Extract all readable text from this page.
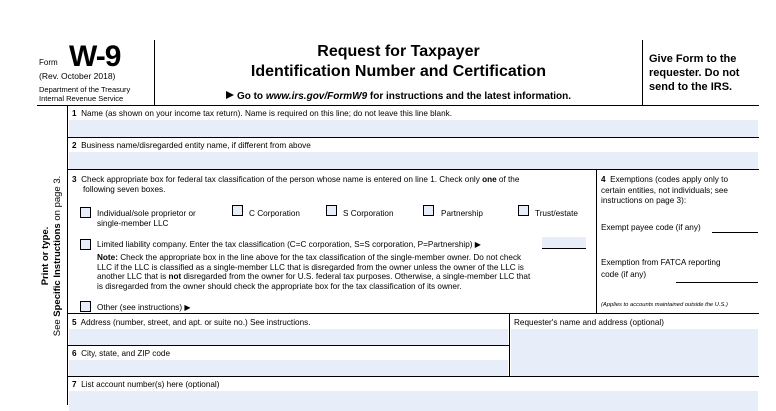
Form W-9
(Rev. October 2018)
Department of the Treasury
Internal Revenue Service
Request for Taxpayer
Identification Number and Certification
Go to www.irs.gov/FormW9 for instructions and the latest information.
Give Form to the
requester. Do not
send to the IRS.
Print or type.
See Specific Instructions on page 3.
1 Name (as shown on your income tax return). Name is required on this line; do not leave this line blank.
2 Business name/disregarded entity name, if different from above
3 Check appropriate box for federal tax classification of the person whose name is entered on line 1. Check only one of the
following seven boxes.
Individual/sole proprietor or
single-member LLC
C Corporation	S Corporation	Partnership	Trust/estate
Limited liability company. Enter the tax classification (C=C corporation, S=S corporation, P=Partnership) ▶
Note: Check the appropriate box in the line above for the tax classification of the single-member owner. Do not check
LLC if the LLC is classified as a single-member LLC that is disregarded from the owner unless the owner of the LLC is
another LLC that is not disregarded from the owner for U.S. federal tax purposes. Otherwise, a single-member LLC that
is disregarded from the owner should check the appropriate box for the tax classification of its owner.
Other (see instructions) ▶
4 Exemptions (codes apply only to
certain entities, not individuals; see
instructions on page 3):
Exempt payee code (if any)
Exemption from FATCA reporting
code (if any)
(Applies to accounts maintained outside the U.S.)
5 Address (number, street, and apt. or suite no.) See instructions.	Requester's name and address (optional)
6 City, state, and ZIP code
7 List account number(s) here (optional)
